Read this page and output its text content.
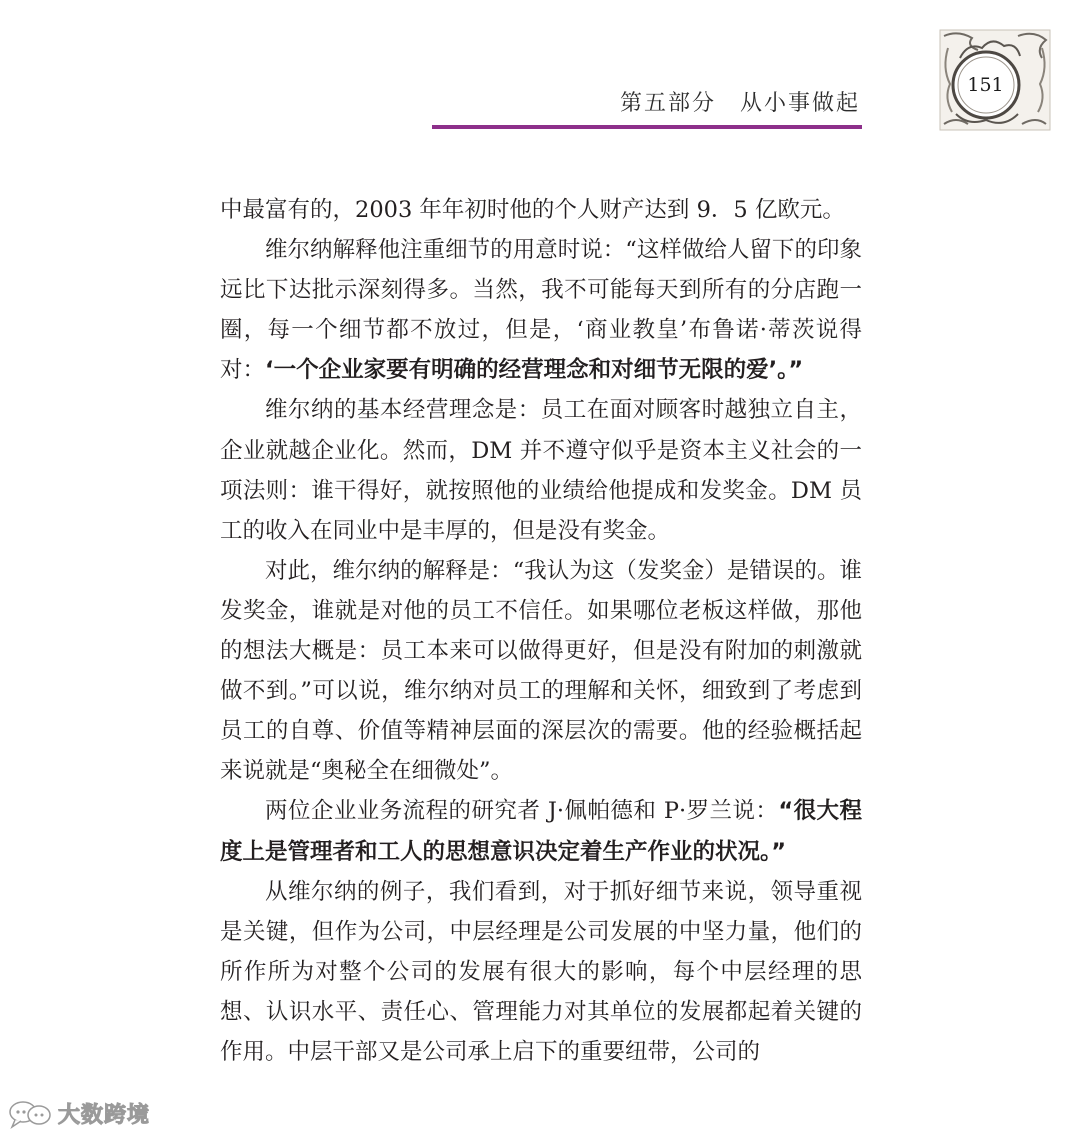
151
第五部分　从小事做起

中最富有的，2003 年年初时他的个人财产达到 9．5 亿欧元。

维尔纳解释他注重细节的用意时说：“这样做给人留下的印象远比下达批示深刻得多。当然，我不可能每天到所有的分店跑一圈，每一个细节都不放过，但是，‘商业教皇’布鲁诺·蒂茨说得对：‘一个企业家要有明确的经营理念和对细节无限的爱’。”

维尔纳的基本经营理念是：员工在面对顾客时越独立自主，企业就越企业化。然而，DM 并不遵守似乎是资本主义社会的一项法则：谁干得好，就按照他的业绩给他提成和发奖金。DM 员工的收入在同业中是丰厚的，但是没有奖金。

对此，维尔纳的解释是：“我认为这（发奖金）是错误的。谁发奖金，谁就是对他的员工不信任。如果哪位老板这样做，那他的想法大概是：员工本来可以做得更好，但是没有附加的刺激就做不到。”可以说，维尔纳对员工的理解和关怀，细致到了考虑到员工的自尊、价值等精神层面的深层次的需要。他的经验概括起来说就是“奥秘全在细微处”。

两位企业业务流程的研究者 J·佩帕德和 P·罗兰说：“很大程度上是管理者和工人的思想意识决定着生产作业的状况。”

从维尔纳的例子，我们看到，对于抓好细节来说，领导重视是关键，但作为公司，中层经理是公司发展的中坚力量，他们的所作所为对整个公司的发展有很大的影响，每个中层经理的思想、认识水平、责任心、管理能力对其单位的发展都起着关键的作用。中层干部又是公司承上启下的重要纽带，公司的

大数跨境
